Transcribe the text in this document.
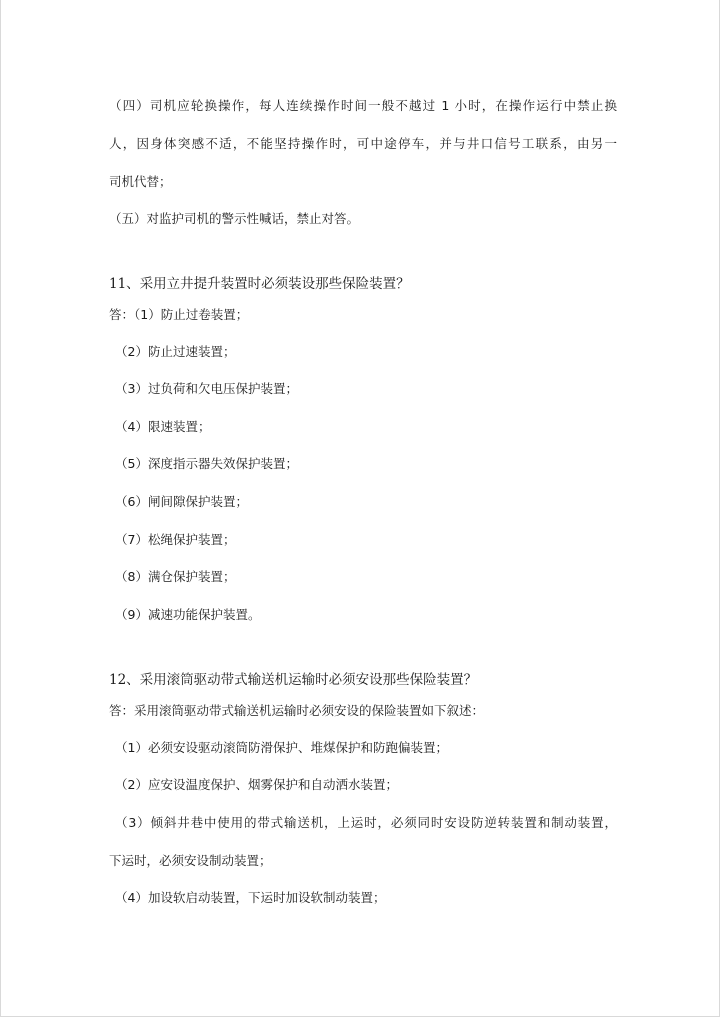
（四）司机应轮换操作，每人连续操作时间一般不越过 1 小时，在操作运行中禁止换
人，因身体突感不适，不能坚持操作时，可中途停车，并与井口信号工联系，由另一
司机代替；
（五）对监护司机的警示性喊话，禁止对答。
11、采用立井提升装置时必须装设那些保险装置？
答：（1）防止过卷装置；
（2）防止过速装置；
（3）过负荷和欠电压保护装置；
（4）限速装置；
（5）深度指示器失效保护装置；
（6）闸间隙保护装置；
（7）松绳保护装置；
（8）满仓保护装置；
（9）减速功能保护装置。
12、采用滚筒驱动带式输送机运输时必须安设那些保险装置？
答：采用滚筒驱动带式输送机运输时必须安设的保险装置如下叙述：
（1）必须安设驱动滚筒防滑保护、堆煤保护和防跑偏装置；
（2）应安设温度保护、烟雾保护和自动洒水装置；
（3）倾斜井巷中使用的带式输送机，上运时，必须同时安设防逆转装置和制动装置，
下运时，必须安设制动装置；
（4）加设软启动装置，下运时加设软制动装置；
